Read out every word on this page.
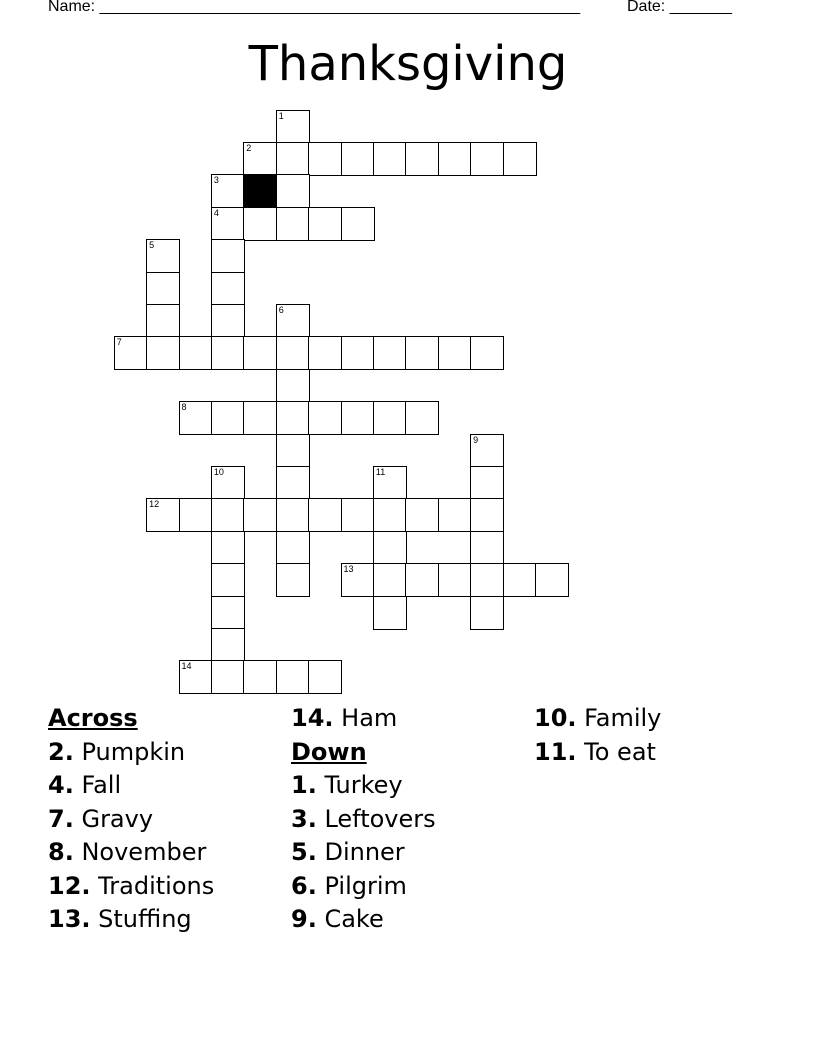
Name: ______________________________________________________	Date: _______
Thanksgiving
1
2
3
4
5
6
7
8
9
10	11
12
13
14
Across
2. Pumpkin
4. Fall
7. Gravy
8. November
12. Traditions
13. Stuffing
14. Ham
Down
1. Turkey
3. Leftovers
5. Dinner
6. Pilgrim
9. Cake
10. Family
11. To eat
